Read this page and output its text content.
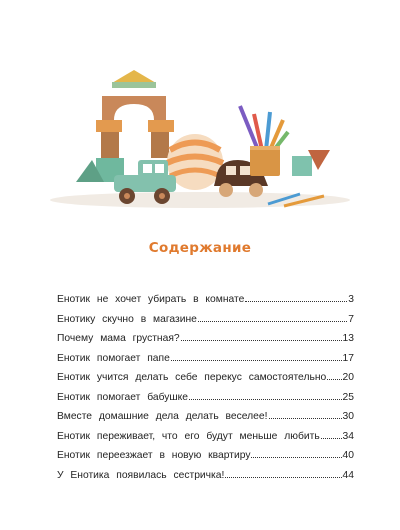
Содержание
Енотик не хочет убирать в комнате	3
Енотику скучно в магазине	7
Почему мама грустная?	13
Енотик помогает папе	17
Енотик учится делать себе перекус самостоятельно 20
Енотик помогает бабушке	25
Вместе домашние дела делать веселее!	30
Енотик переживает, что его будут меньше любить 34
Енотик переезжает в новую квартиру	40
У Енотика появилась сестричка!	44
